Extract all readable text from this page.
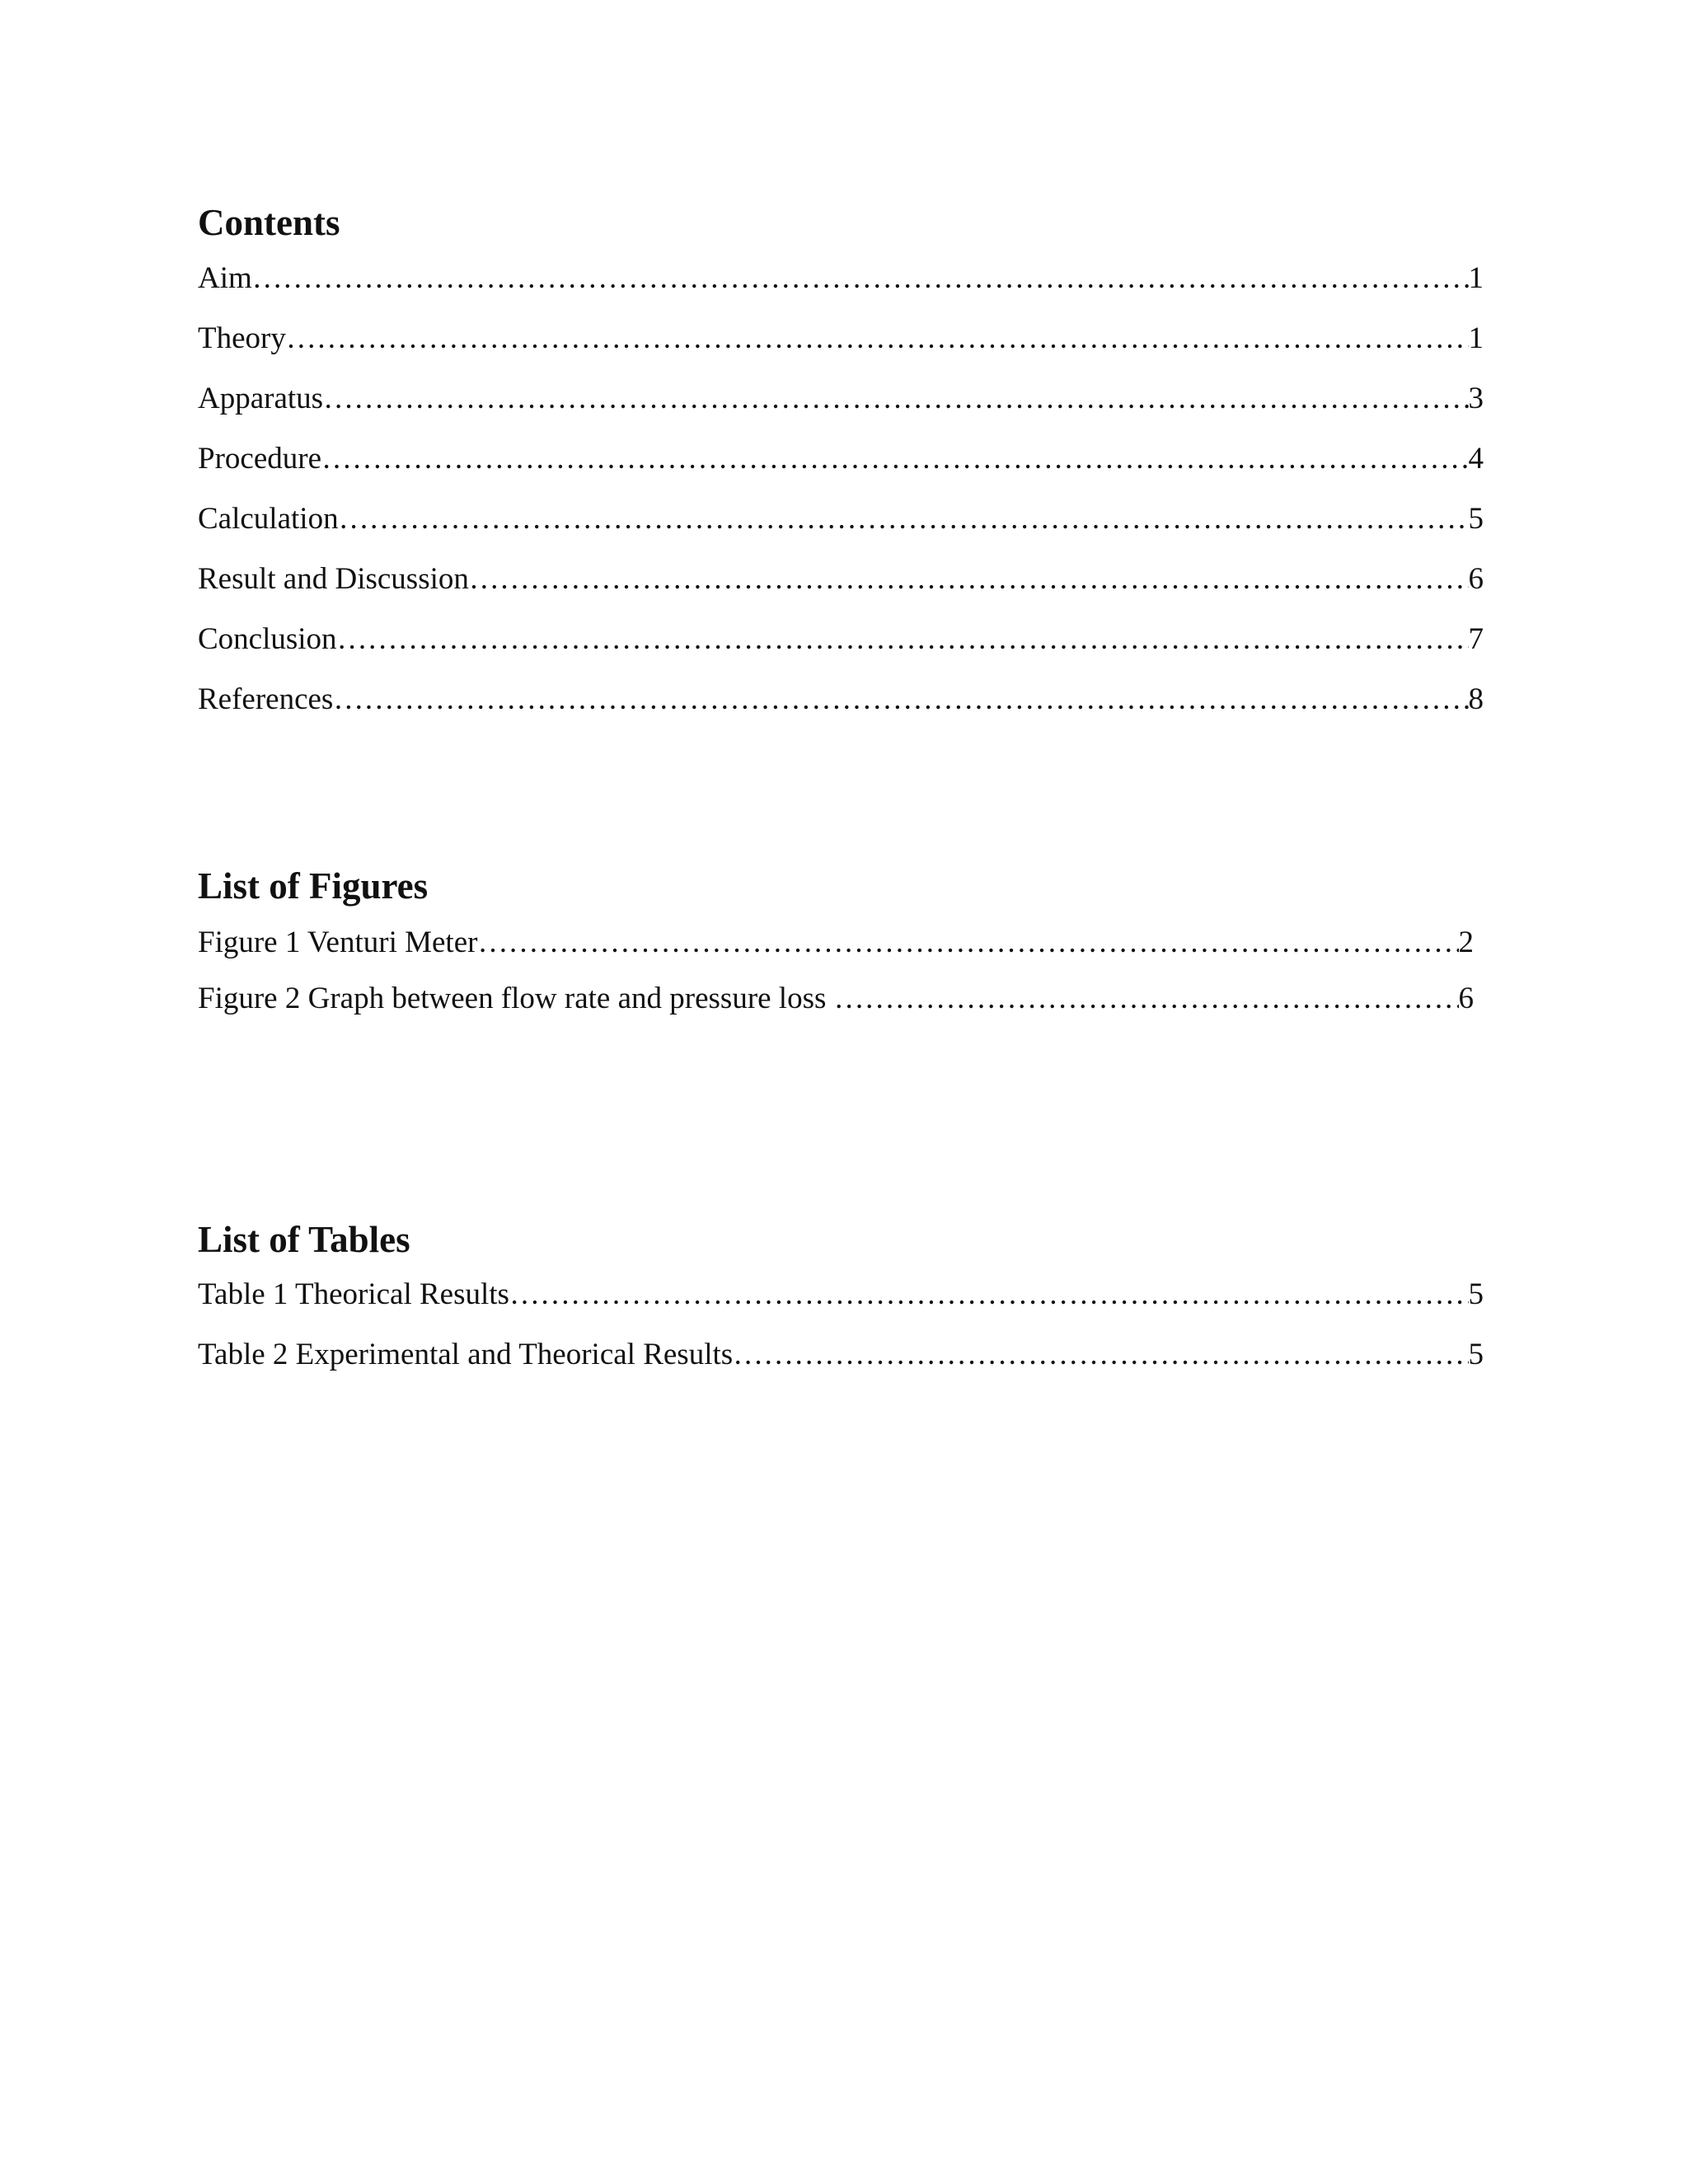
Contents
Aim …………………………………………………………………………………………………………………………………………………………………………………………………………………………………………………	1
Theory …………………………………………………………………………………………………………………………………………………………………………………………………………………………………………………	1
Apparatus …………………………………………………………………………………………………………………………………………………………………………………………………………………………………………………	3
Procedure …………………………………………………………………………………………………………………………………………………………………………………………………………………………………………………	4
Calculation …………………………………………………………………………………………………………………………………………………………………………………………………………………………………………………	5
Result and Discussion …………………………………………………………………………………………………………………………………………………………………………………………………………………………………………………	6
Conclusion …………………………………………………………………………………………………………………………………………………………………………………………………………………………………………………	7
References …………………………………………………………………………………………………………………………………………………………………………………………………………………………………………………	8
List of Figures
Figure 1 Venturi Meter …………………………………………………………………………………………………………………………………………………………………………………………………………………………………………………	2
Figure 2 Graph between flow rate and pressure loss …………………………………………………………………………………………………………………………………………………………………………………………………………………………………………………	6
List of Tables
Table 1 Theorical Results …………………………………………………………………………………………………………………………………………………………………………………………………………………………………………………	5
Table 2 Experimental and Theorical Results …………………………………………………………………………………………………………………………………………………………………………………………………………………………………………………	5
